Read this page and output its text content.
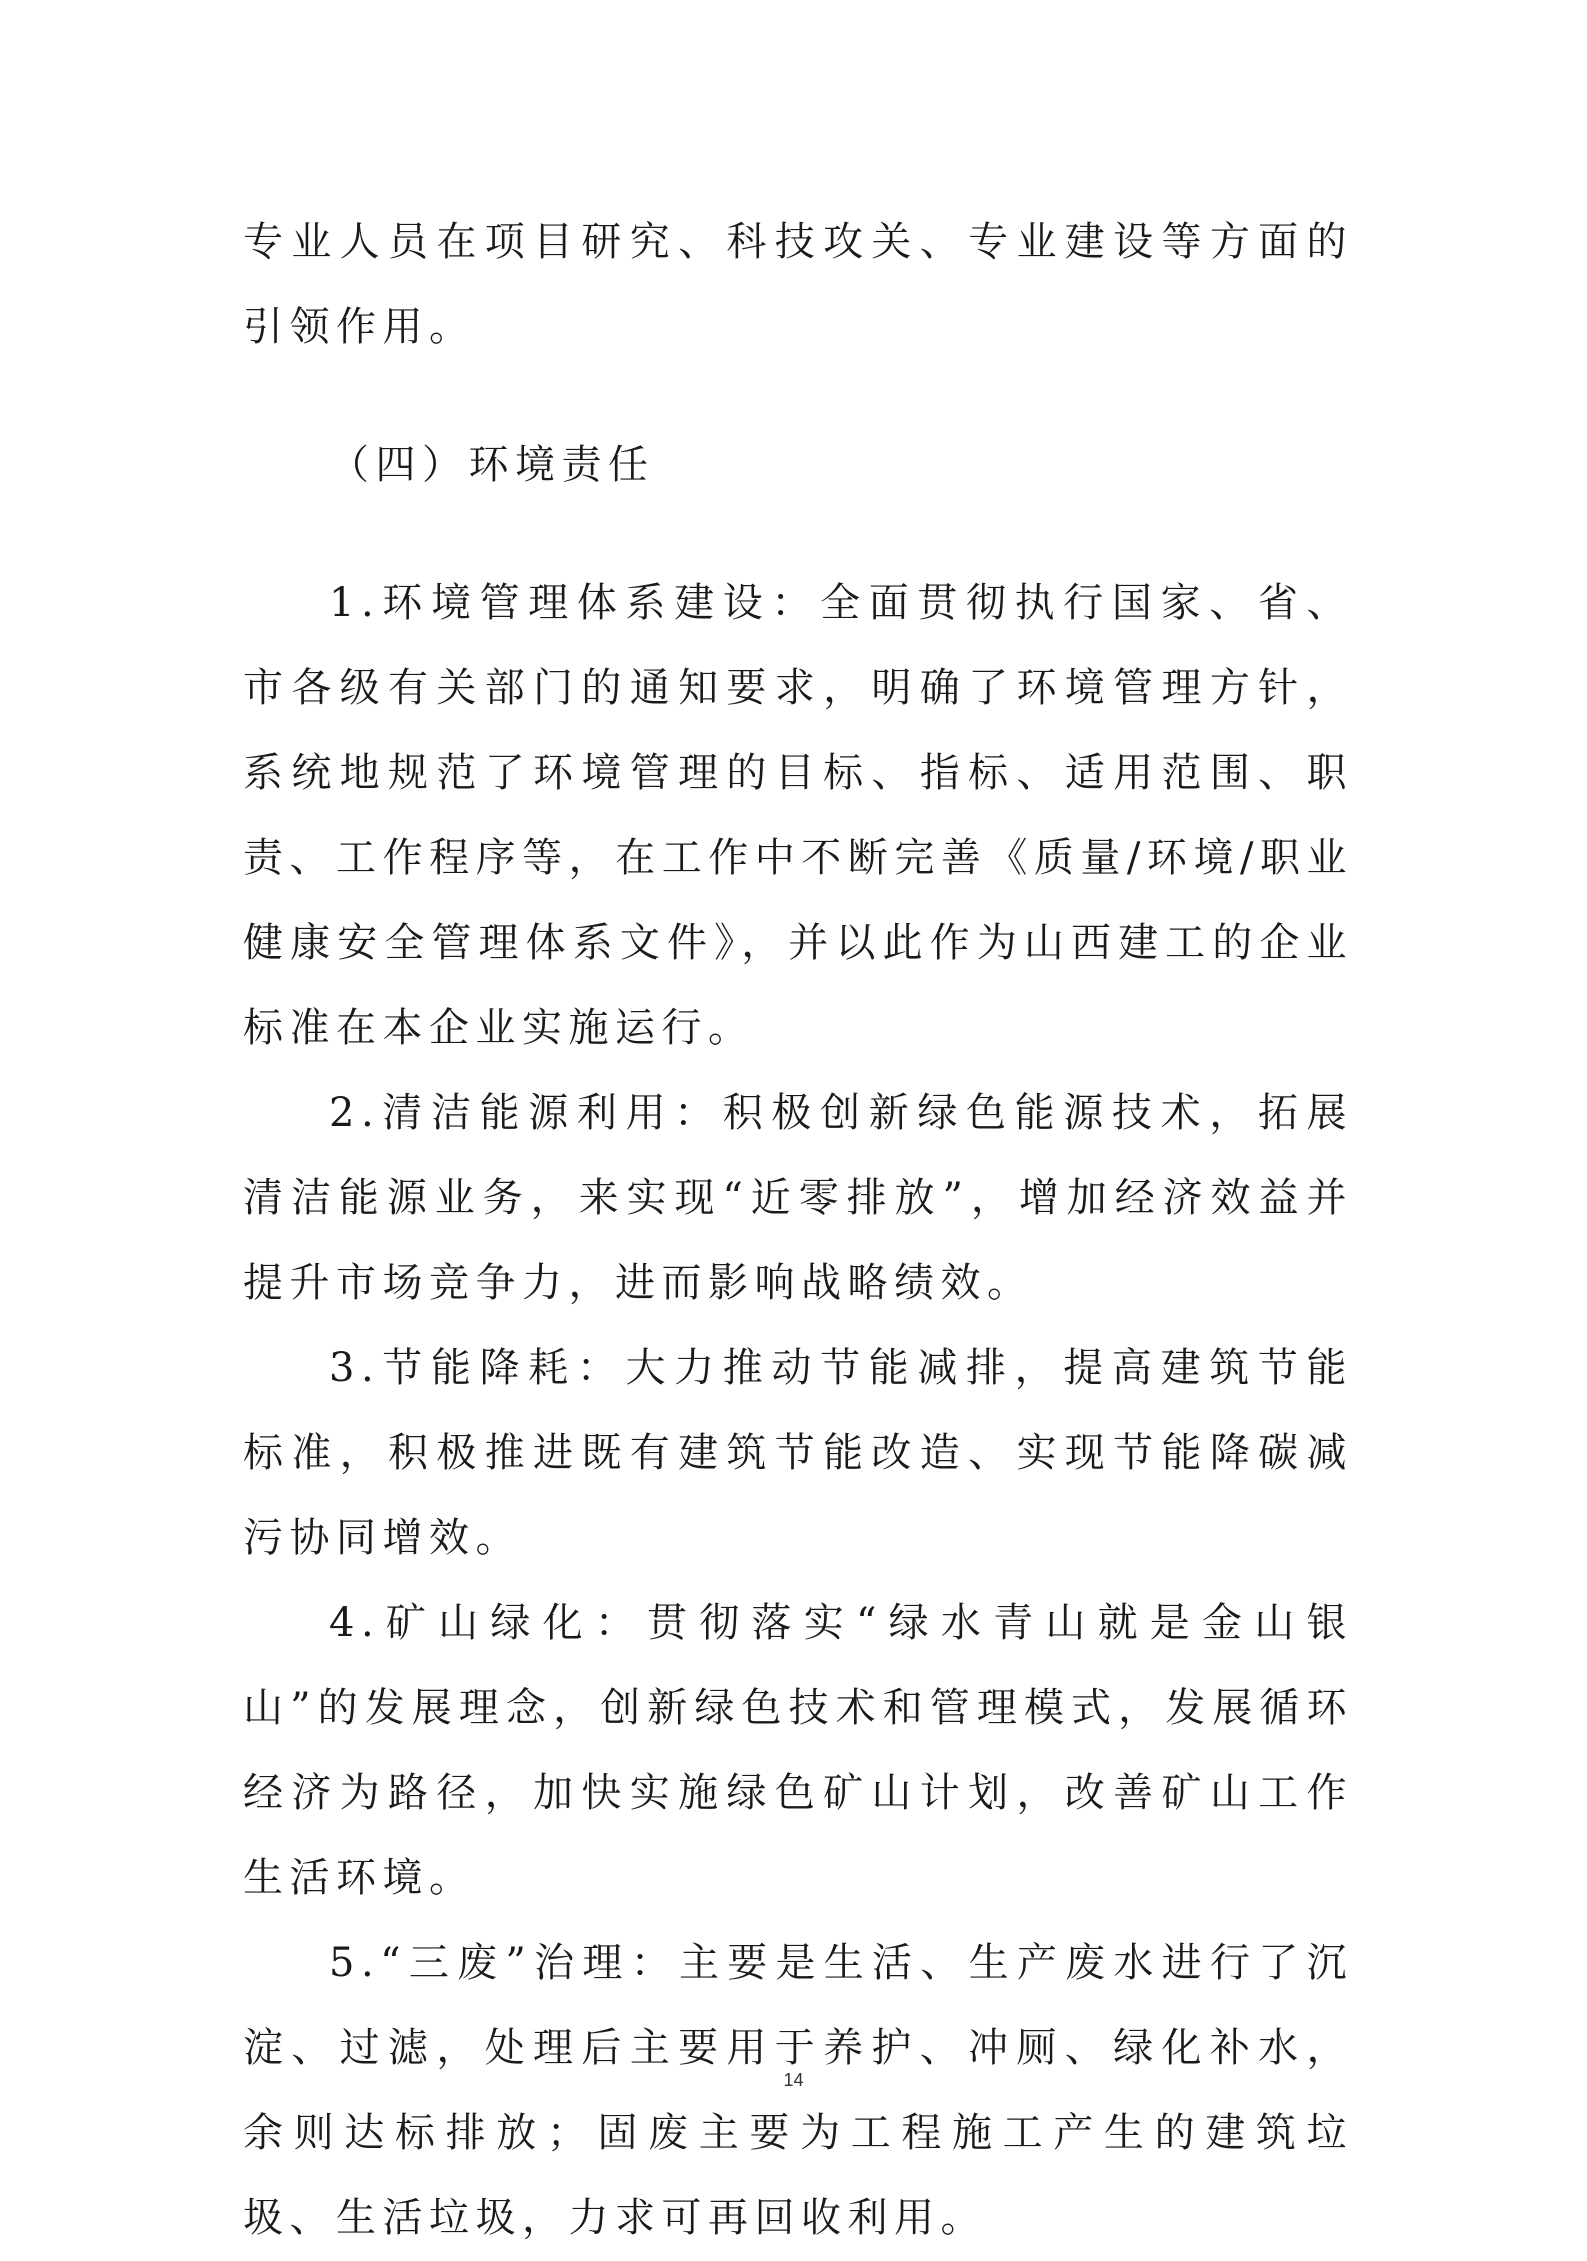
专业人员在项目研究、科技攻关、专业建设等方面的引领作用。

（四）环境责任

1.环境管理体系建设：全面贯彻执行国家、省、市各级有关部门的通知要求，明确了环境管理方针，系统地规范了环境管理的目标、指标、适用范围、职责、工作程序等，在工作中不断完善《质量/环境/职业健康安全管理体系文件》，并以此作为山西建工的企业标准在本企业实施运行。

2.清洁能源利用：积极创新绿色能源技术，拓展清洁能源业务，来实现“近零排放”，增加经济效益并提升市场竞争力，进而影响战略绩效。

3.节能降耗：大力推动节能减排，提高建筑节能标准，积极推进既有建筑节能改造、实现节能降碳减污协同增效。

4.矿山绿化：贯彻落实“绿水青山就是金山银山”的发展理念，创新绿色技术和管理模式，发展循环经济为路径，加快实施绿色矿山计划，改善矿山工作生活环境。

5.“三废”治理：主要是生活、生产废水进行了沉淀、过滤，处理后主要用于养护、冲厕、绿化补水，余则达标排放；固废主要为工程施工产生的建筑垃圾、生活垃圾，力求可再回收利用。

14
